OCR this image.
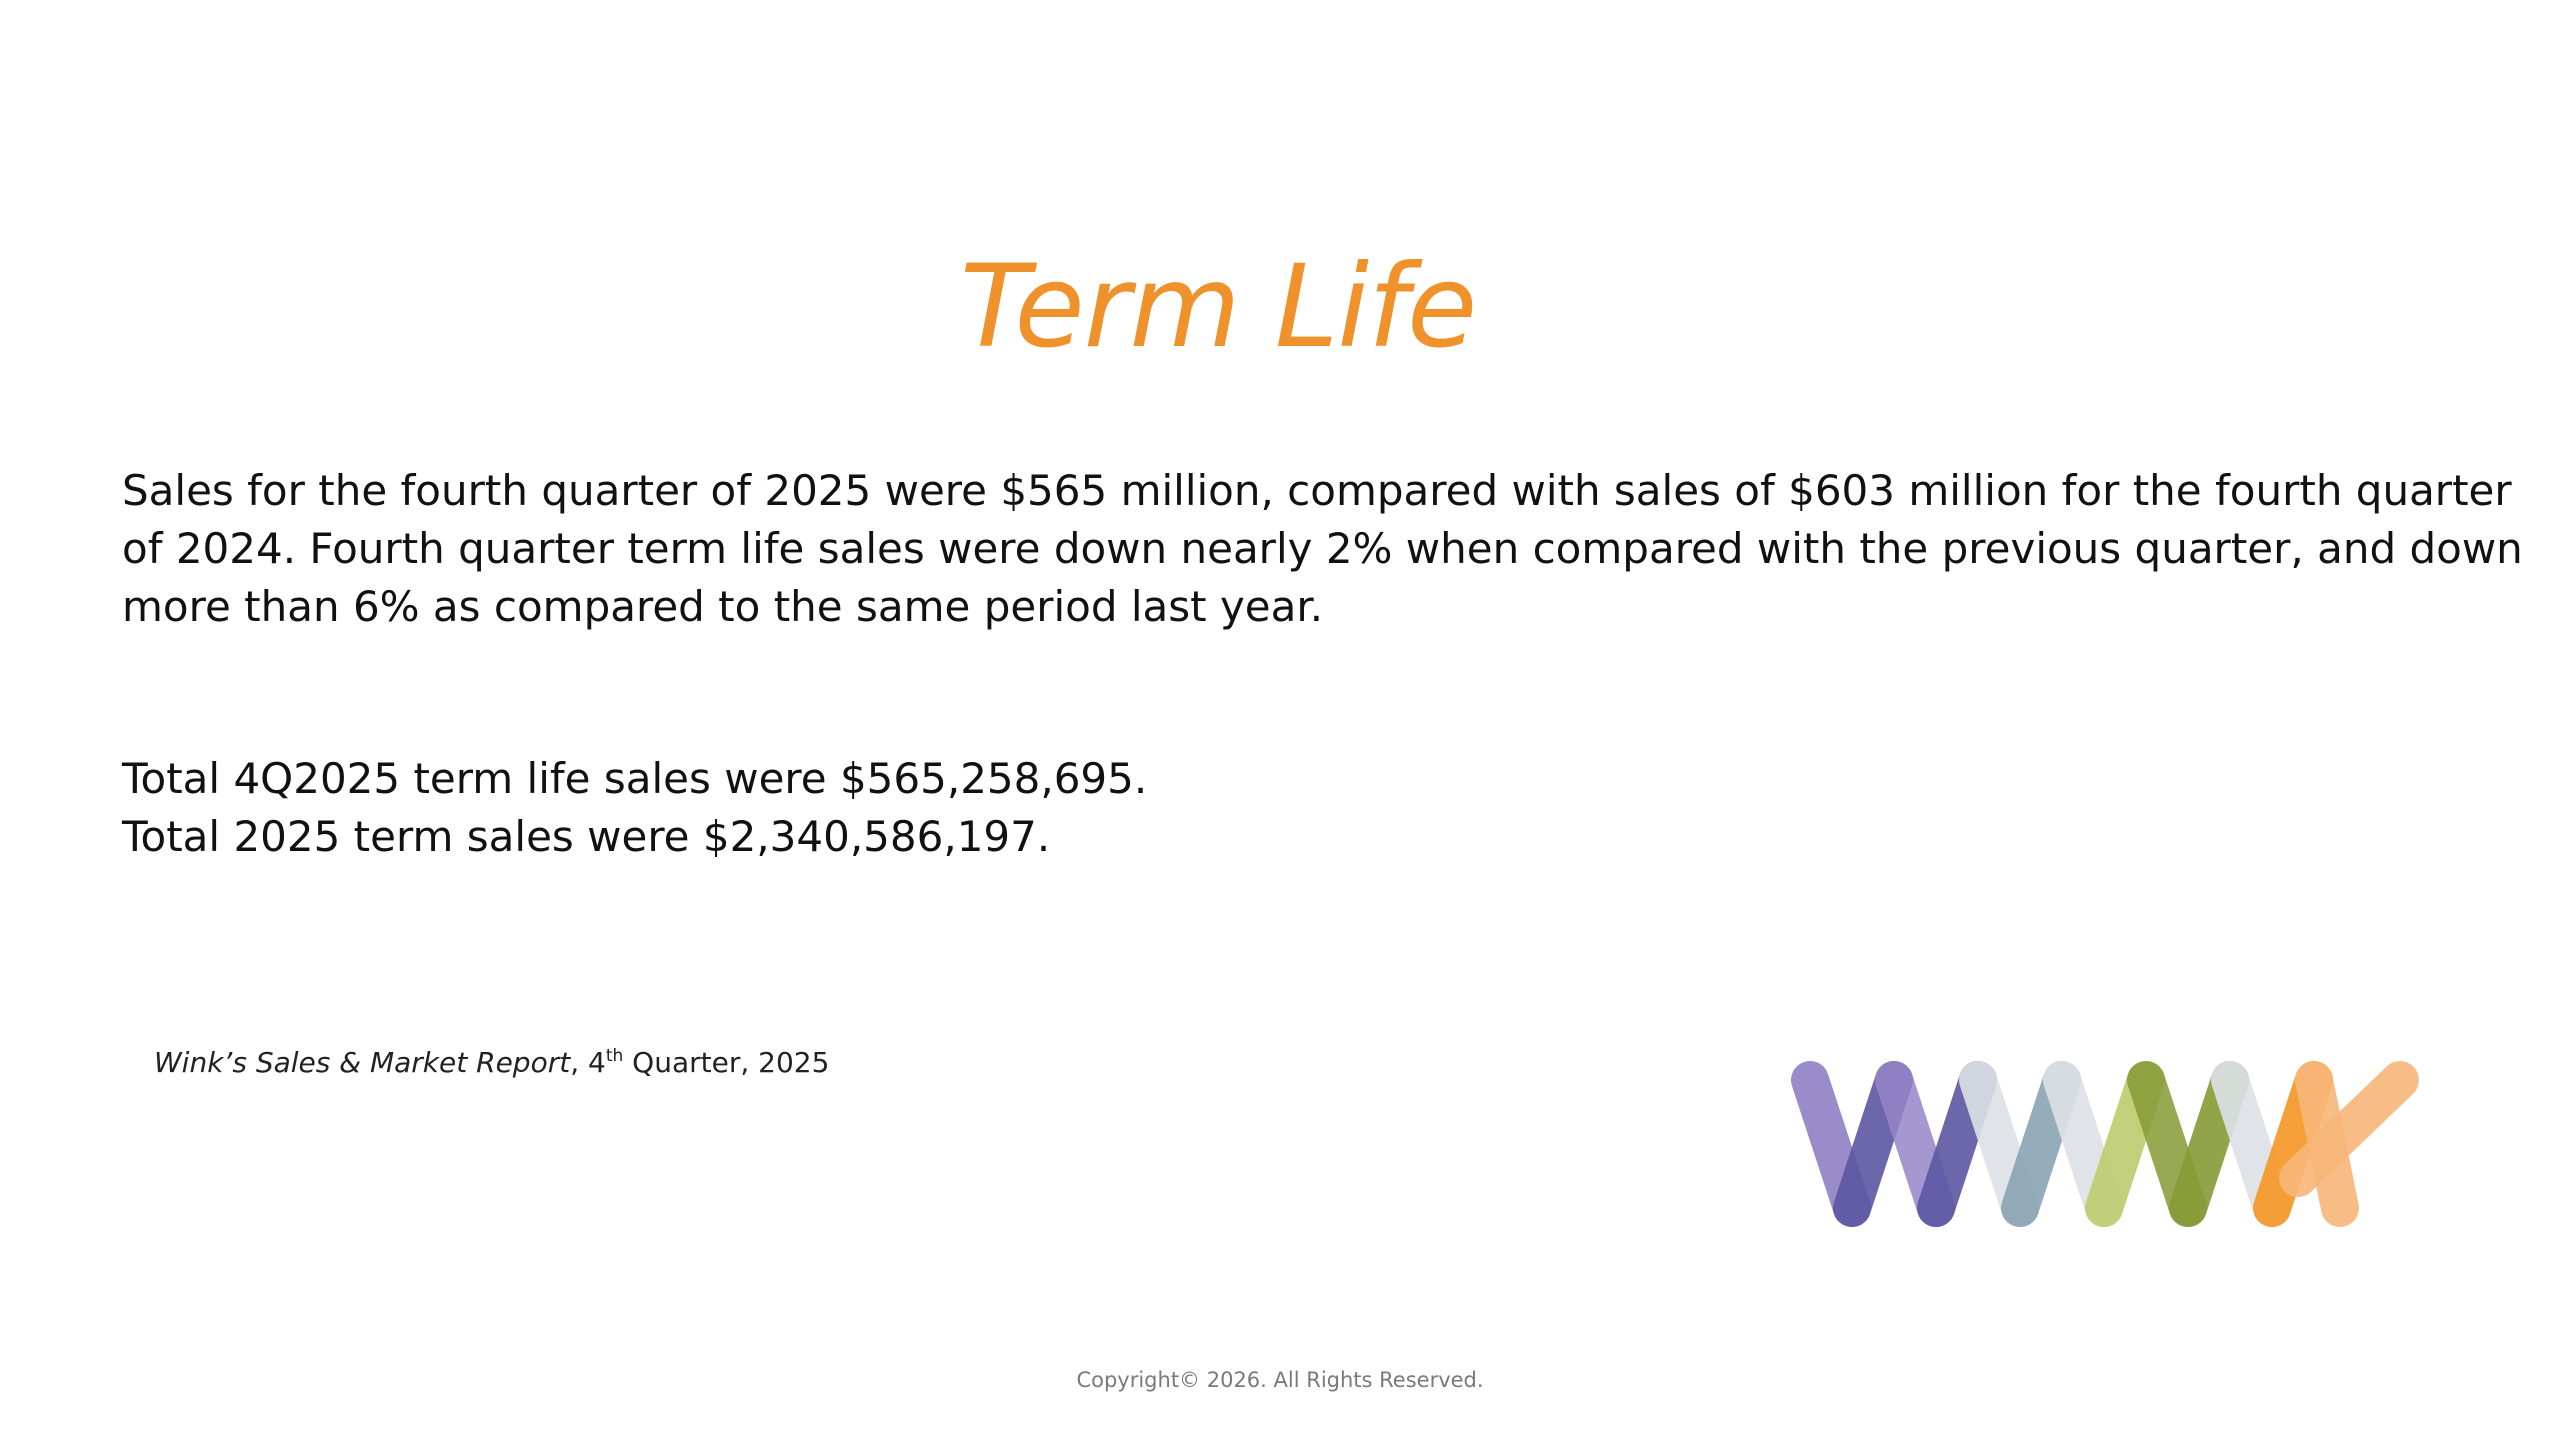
Term Life

Sales for the fourth quarter of 2025 were $565 million, compared with sales of $603 million for the fourth quarter of 2024. Fourth quarter term life sales were down nearly 2% when compared with the previous quarter, and down more than 6% as compared to the same period last year.

Total 4Q2025 term life sales were $565,258,695.
Total 2025 term sales were $2,340,586,197.
Wink’s Sales & Market Report, 4th Quarter, 2025
Copyright© 2026. All Rights Reserved.
